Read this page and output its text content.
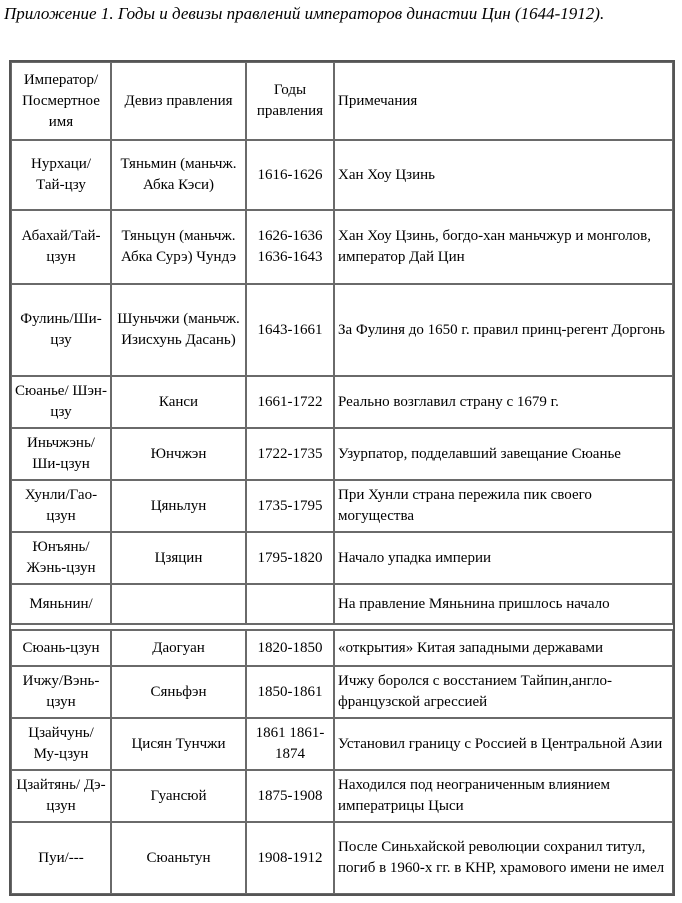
Приложение 1. Годы и девизы правлений императоров династии Цин (1644-1912).
Император/ Посмертное имя	Девиз правления	Годы правления	Примечания
Нурхаци/ Тай-цзу	Тяньмин (маньчж. Абка Кэси)	1616-1626	Хан Хоу Цзинь
Абахай/Тай-цзун	Тяньцун (маньчж. Абка Сурэ) Чундэ	1626-1636 1636-1643	Хан Хоу Цзинь, богдо-хан маньчжур и монголов, император Дай Цин
Фулинь/Ши-цзу	Шуньчжи (маньчж. Изисхунь Дасань)	1643-1661	За Фулиня до 1650 г. правил принц-регент Доргонь
Сюанье/ Шэн-цзу	Канси	1661-1722	Реально возглавил страну с 1679 г.
Иньчжэнь/ Ши-цзун	Юнчжэн	1722-1735	Узурпатор, подделавший завещание Сюанье
Хунли/Гао-цзун	Цяньлун	1735-1795	При Хунли страна пережила пик своего могущества
Юнъянь/ Жэнь-цзун	Цзяцин	1795-1820	Начало упадка империи
Мяньнин/			На правление Мяньнина пришлось начало

Сюань-цзун	Даогуан	1820-1850	«открытия» Китая западными державами
Ичжу/Вэнь-цзун	Сяньфэн	1850-1861	Ичжу боролся с восстанием Тайпин,англо-французской агрессией
Цзайчунь/ Му-цзун	Цисян Тунчжи	1861 1861-1874	Установил границу с Россией в Центральной Азии
Цзайтянь/ Дэ-цзун	Гуансюй	1875-1908	Находился под неограниченным влиянием императрицы Цыси
Пуи/---	Сюаньтун	1908-1912	После Синьхайской революции сохранил титул, погиб в 1960-х гг. в КНР, храмового имени не имел
